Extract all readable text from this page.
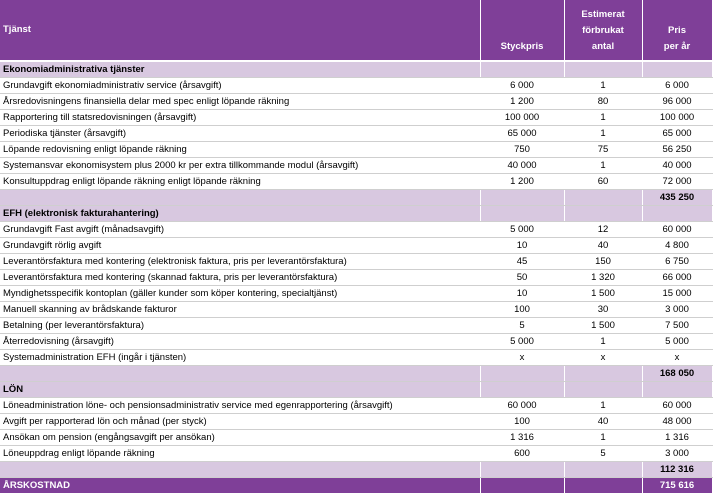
Tjänst	Styckpris	Estimerat
förbrukat
antal	Pris
per år

Ekonomiadministrativa tjänster			
Grundavgift ekonomiadministrativ service (årsavgift)	6 000	1	6 000
Årsredovisningens finansiella delar med spec enligt löpande räkning	1 200	80	96 000
Rapportering till statsredovisningen (årsavgift)	100 000	1	100 000
Periodiska tjänster (årsavgift)	65 000	1	65 000
Löpande redovisning enligt löpande räkning	750	75	56 250
Systemansvar ekonomisystem plus 2000 kr per extra tillkommande modul (årsavgift)	40 000	1	40 000
Konsultuppdrag enligt löpande räkning enligt löpande räkning	1 200	60	72 000
			435 250
EFH (elektronisk fakturahantering)			
Grundavgift Fast avgift (månadsavgift)	5 000	12	60 000
Grundavgift rörlig avgift	10	40	4 800
Leverantörsfaktura med kontering (elektronisk faktura, pris per leverantörsfaktura)	45	150	6 750
Leverantörsfaktura med kontering (skannad faktura, pris per leverantörsfaktura)	50	1 320	66 000
Myndighetsspecifik kontoplan (gäller kunder som köper kontering, specialtjänst)	10	1 500	15 000
Manuell skanning av brådskande fakturor	100	30	3 000
Betalning (per leverantörsfaktura)	5	1 500	7 500
Återredovisning (årsavgift)	5 000	1	5 000
Systemadministration EFH (ingår i tjänsten)	x	x	x
			168 050
LÖN			
Löneadministration löne- och pensionsadministrativ service med egenrapportering (årsavgift)	60 000	1	60 000
Avgift per rapporterad lön och månad (per styck)	100	40	48 000
Ansökan om pension (engångsavgift per ansökan)	1 316	1	1 316
Löneuppdrag enligt löpande räkning	600	5	3 000
			112 316
ÅRSKOSTNAD			715 616
